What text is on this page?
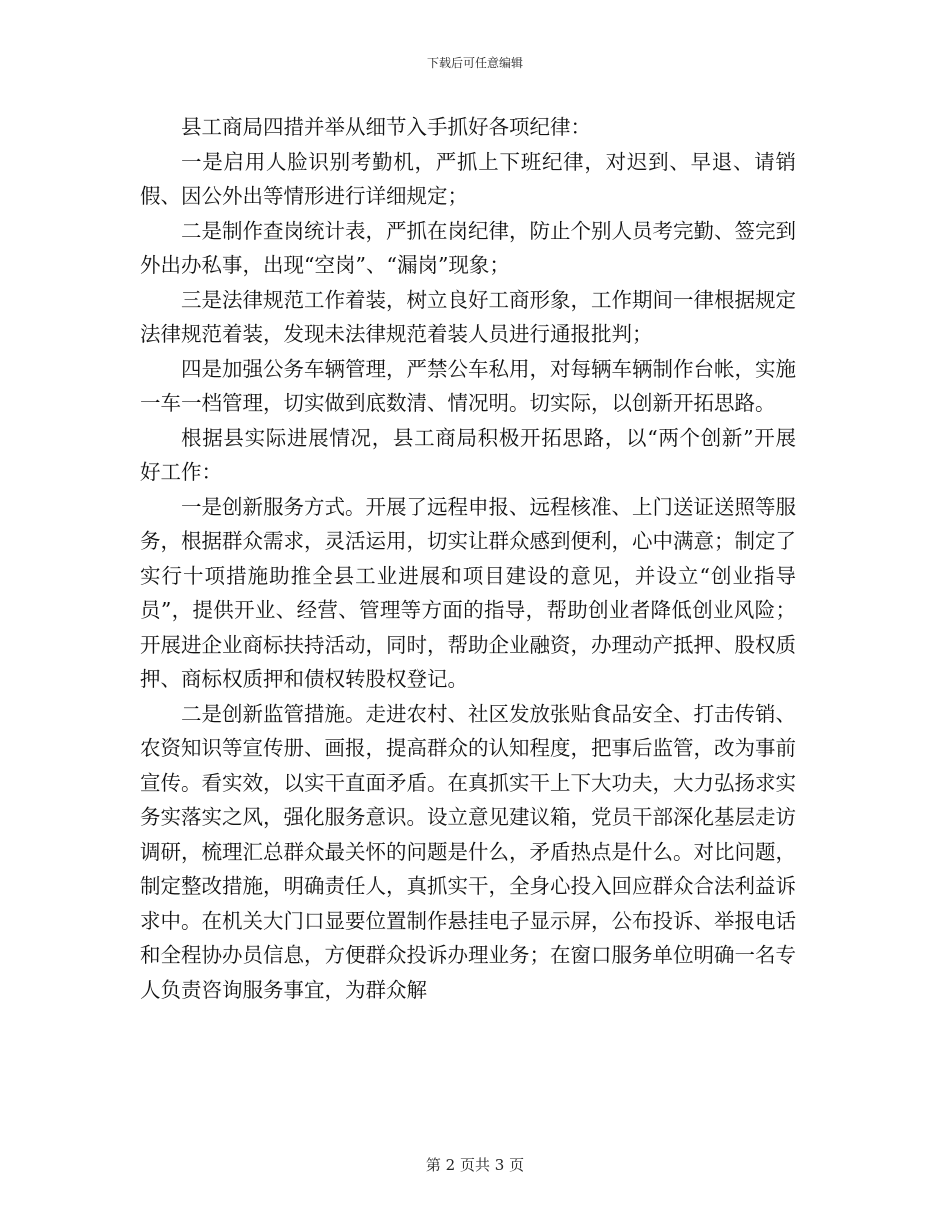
下载后可任意编辑

县工商局四措并举从细节入手抓好各项纪律：

一是启用人脸识别考勤机，严抓上下班纪律，对迟到、早退、请销假、因公外出等情形进行详细规定；

二是制作查岗统计表，严抓在岗纪律，防止个别人员考完勤、签完到外出办私事，出现“空岗”、“漏岗”现象；

三是法律规范工作着装，树立良好工商形象，工作期间一律根据规定法律规范着装，发现未法律规范着装人员进行通报批判；

四是加强公务车辆管理，严禁公车私用，对每辆车辆制作台帐，实施一车一档管理，切实做到底数清、情况明。切实际，以创新开拓思路。

根据县实际进展情况，县工商局积极开拓思路，以“两个创新”开展好工作：

一是创新服务方式。开展了远程申报、远程核准、上门送证送照等服务，根据群众需求，灵活运用，切实让群众感到便利，心中满意；制定了实行十项措施助推全县工业进展和项目建设的意见，并设立“创业指导员”，提供开业、经营、管理等方面的指导，帮助创业者降低创业风险；开展进企业商标扶持活动，同时，帮助企业融资，办理动产抵押、股权质押、商标权质押和债权转股权登记。

二是创新监管措施。走进农村、社区发放张贴食品安全、打击传销、农资知识等宣传册、画报，提高群众的认知程度，把事后监管，改为事前宣传。看实效，以实干直面矛盾。在真抓实干上下大功夫，大力弘扬求实务实落实之风，强化服务意识。设立意见建议箱，党员干部深化基层走访调研，梳理汇总群众最关怀的问题是什么，矛盾热点是什么。对比问题，制定整改措施，明确责任人，真抓实干，全身心投入回应群众合法利益诉求中。在机关大门口显要位置制作悬挂电子显示屏，公布投诉、举报电话和全程协办员信息，方便群众投诉办理业务；在窗口服务单位明确一名专人负责咨询服务事宜，为群众解

第 2 页共 3 页
